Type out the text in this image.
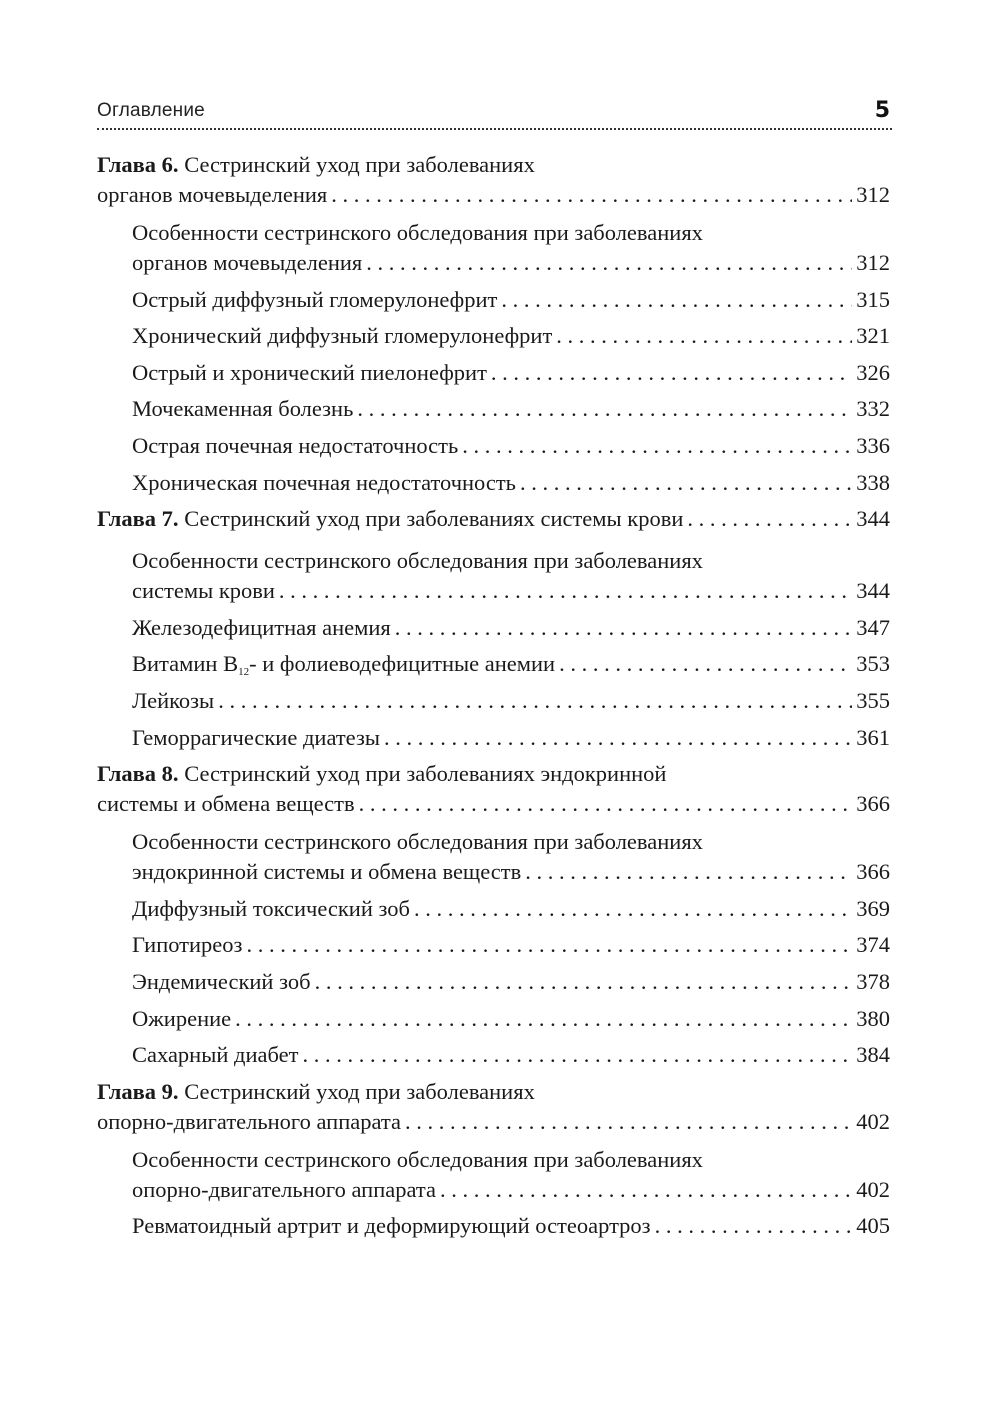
Оглавление	5
Глава 6. Сестринский уход при заболеваниях
органов мочевыделения . . .	312
Особенности сестринского обследования при заболеваниях
органов мочевыделения . . .	312
Острый диффузный гломерулонефрит . . .	315
Хронический диффузный гломерулонефрит . . .	321
Острый и хронический пиелонефрит . . .	326
Мочекаменная болезнь . . .	332
Острая почечная недостаточность . . .	336
Хроническая почечная недостаточность . . .	338
Глава 7. Сестринский уход при заболеваниях системы крови . . .	344
Особенности сестринского обследования при заболеваниях
системы крови . . .	344
Железодефицитная анемия . . .	347
Витамин $В_{12}-$ и фолиеводефицитные анемии . . .	353
Лейкозы . . .	355
Геморрагические диатезы . . .	361
Глава 8. Сестринский уход при заболеваниях эндокринной
системы и обмена веществ . . .	366
Особенности сестринского обследования при заболеваниях
эндокринной системы и обмена веществ . . .	366
Диффузный токсический зоб . . .	369
Гипотиреоз . . .	374
Эндемический зоб . . .	378
Ожирение . . .	380
Сахарный диабет . . .	384
Глава 9. Сестринский уход при заболеваниях
опорно-двигательного аппарата . . .	402
Особенности сестринского обследования при заболеваниях
опорно-двигательного аппарата . . .	402
Ревматоидный артрит и деформирующий остеоартроз . . .	405
